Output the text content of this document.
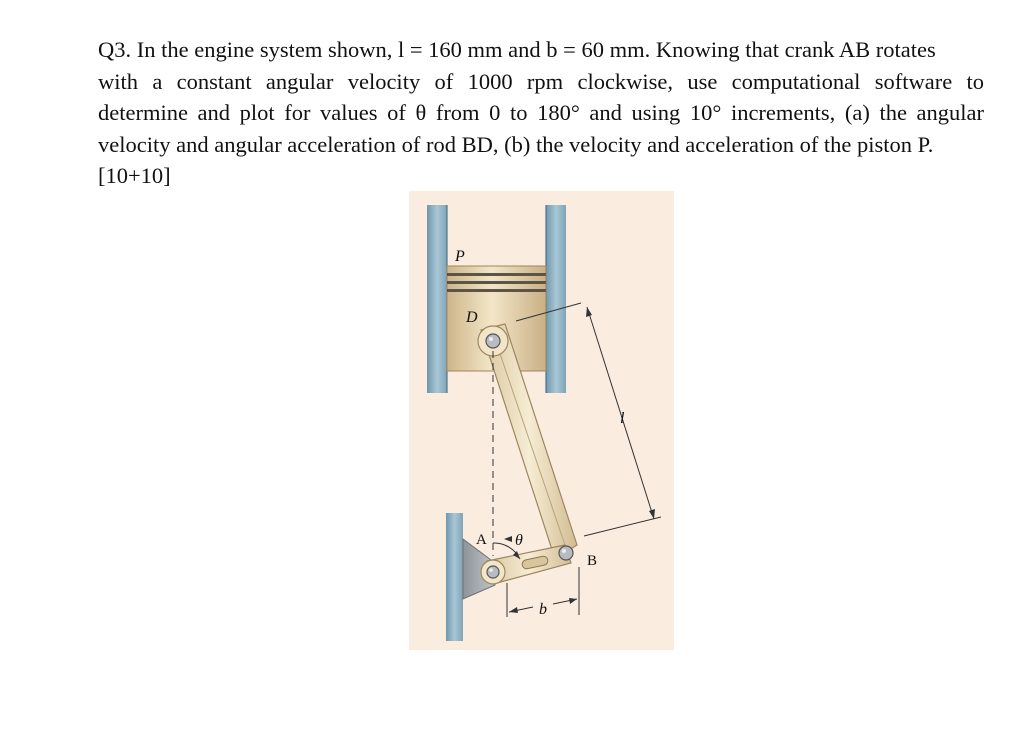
Q3. In the engine system shown, l = 160 mm and b = 60 mm. Knowing that crank AB rotates
with a constant angular velocity of 1000 rpm clockwise, use computational software to
determine and plot for values of θ from 0 to 180° and using 10° increments, (a) the angular
velocity and angular acceleration of rod BD, (b) the velocity and acceleration of the piston P.
[10+10]
P
D
l
A θ
B
b
